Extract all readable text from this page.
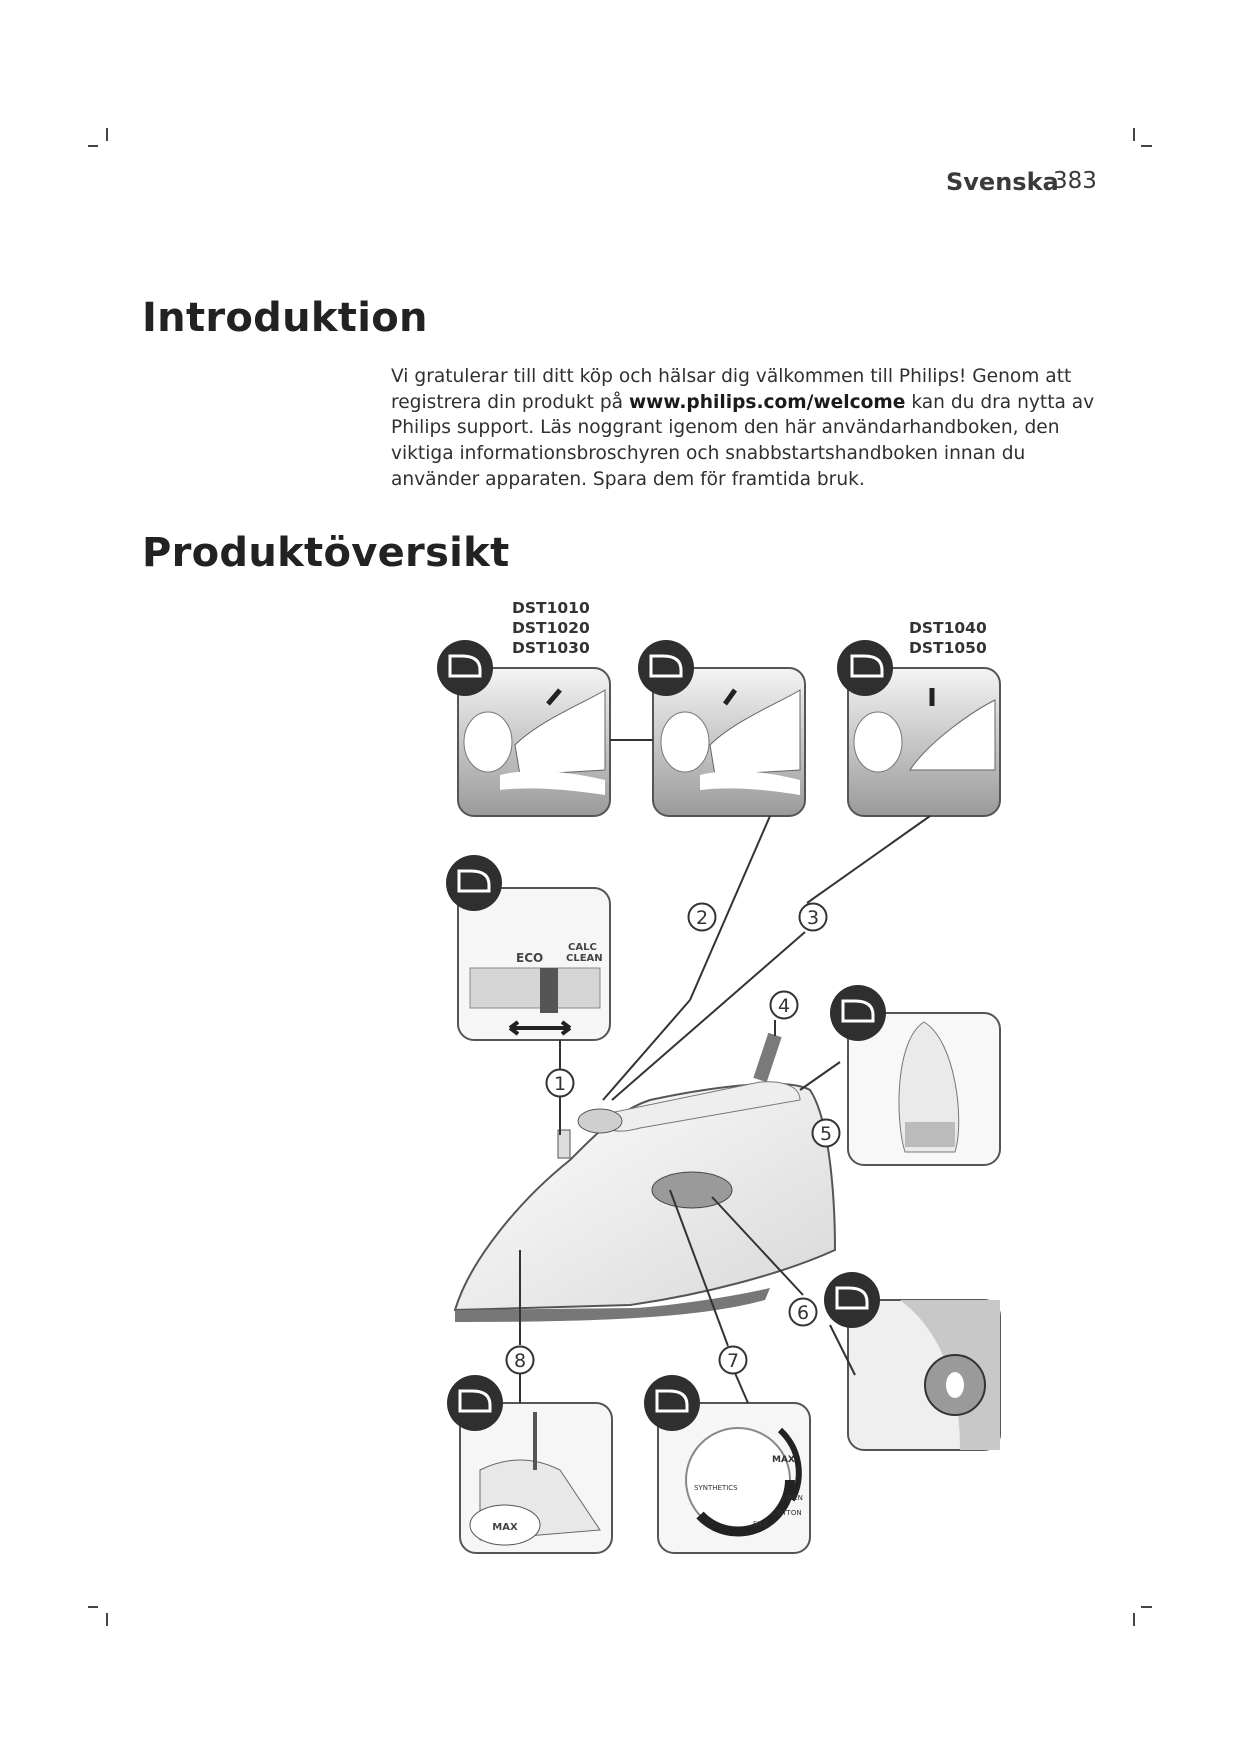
Svenska
383
Introduktion

Vi gratulerar till ditt köp och hälsar dig välkommen till Philips! Genom att registrera din produkt på www.philips.com/welcome kan du dra nytta av Philips support. Läs noggrant igenom den här användarhandboken, den viktiga informationsbroschyren och snabbstartshandboken innan du använder apparaten. Spara dem för framtida bruk.

Produktöversikt
DST1010
DST1020
DST1030
DST1040
DST1050
ECO
CALC
CLEAN
MAX
MAX
SYNTHETICS
SILK
COTTON
LINEN
1
2	3
4
5
6
7
8
